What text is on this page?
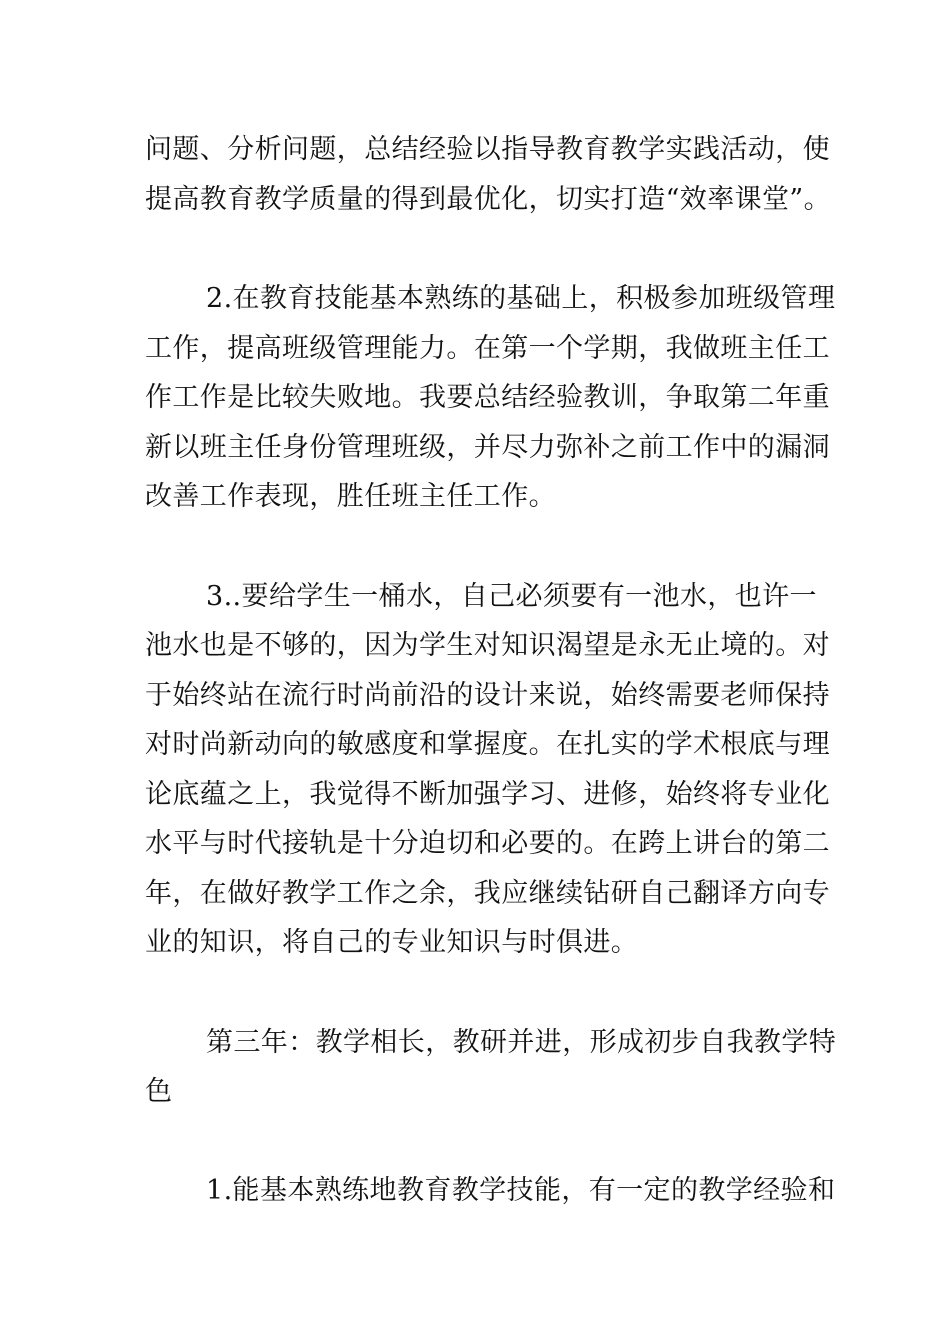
问题、分析问题，总结经验以指导教育教学实践活动，使
提高教育教学质量的得到最优化，切实打造“效率课堂”。
2.在教育技能基本熟练的基础上，积极参加班级管理
工作，提高班级管理能力。在第一个学期，我做班主任工
作工作是比较失败地。我要总结经验教训，争取第二年重
新以班主任身份管理班级，并尽力弥补之前工作中的漏洞
改善工作表现，胜任班主任工作。
3..要给学生一桶水，自己必须要有一池水，也许一
池水也是不够的，因为学生对知识渴望是永无止境的。对
于始终站在流行时尚前沿的设计来说，始终需要老师保持
对时尚新动向的敏感度和掌握度。在扎实的学术根底与理
论底蕴之上，我觉得不断加强学习、进修，始终将专业化
水平与时代接轨是十分迫切和必要的。在跨上讲台的第二
年，在做好教学工作之余，我应继续钻研自己翻译方向专
业的知识，将自己的专业知识与时俱进。
第三年：教学相长，教研并进，形成初步自我教学特
色
1.能基本熟练地教育教学技能，有一定的教学经验和
